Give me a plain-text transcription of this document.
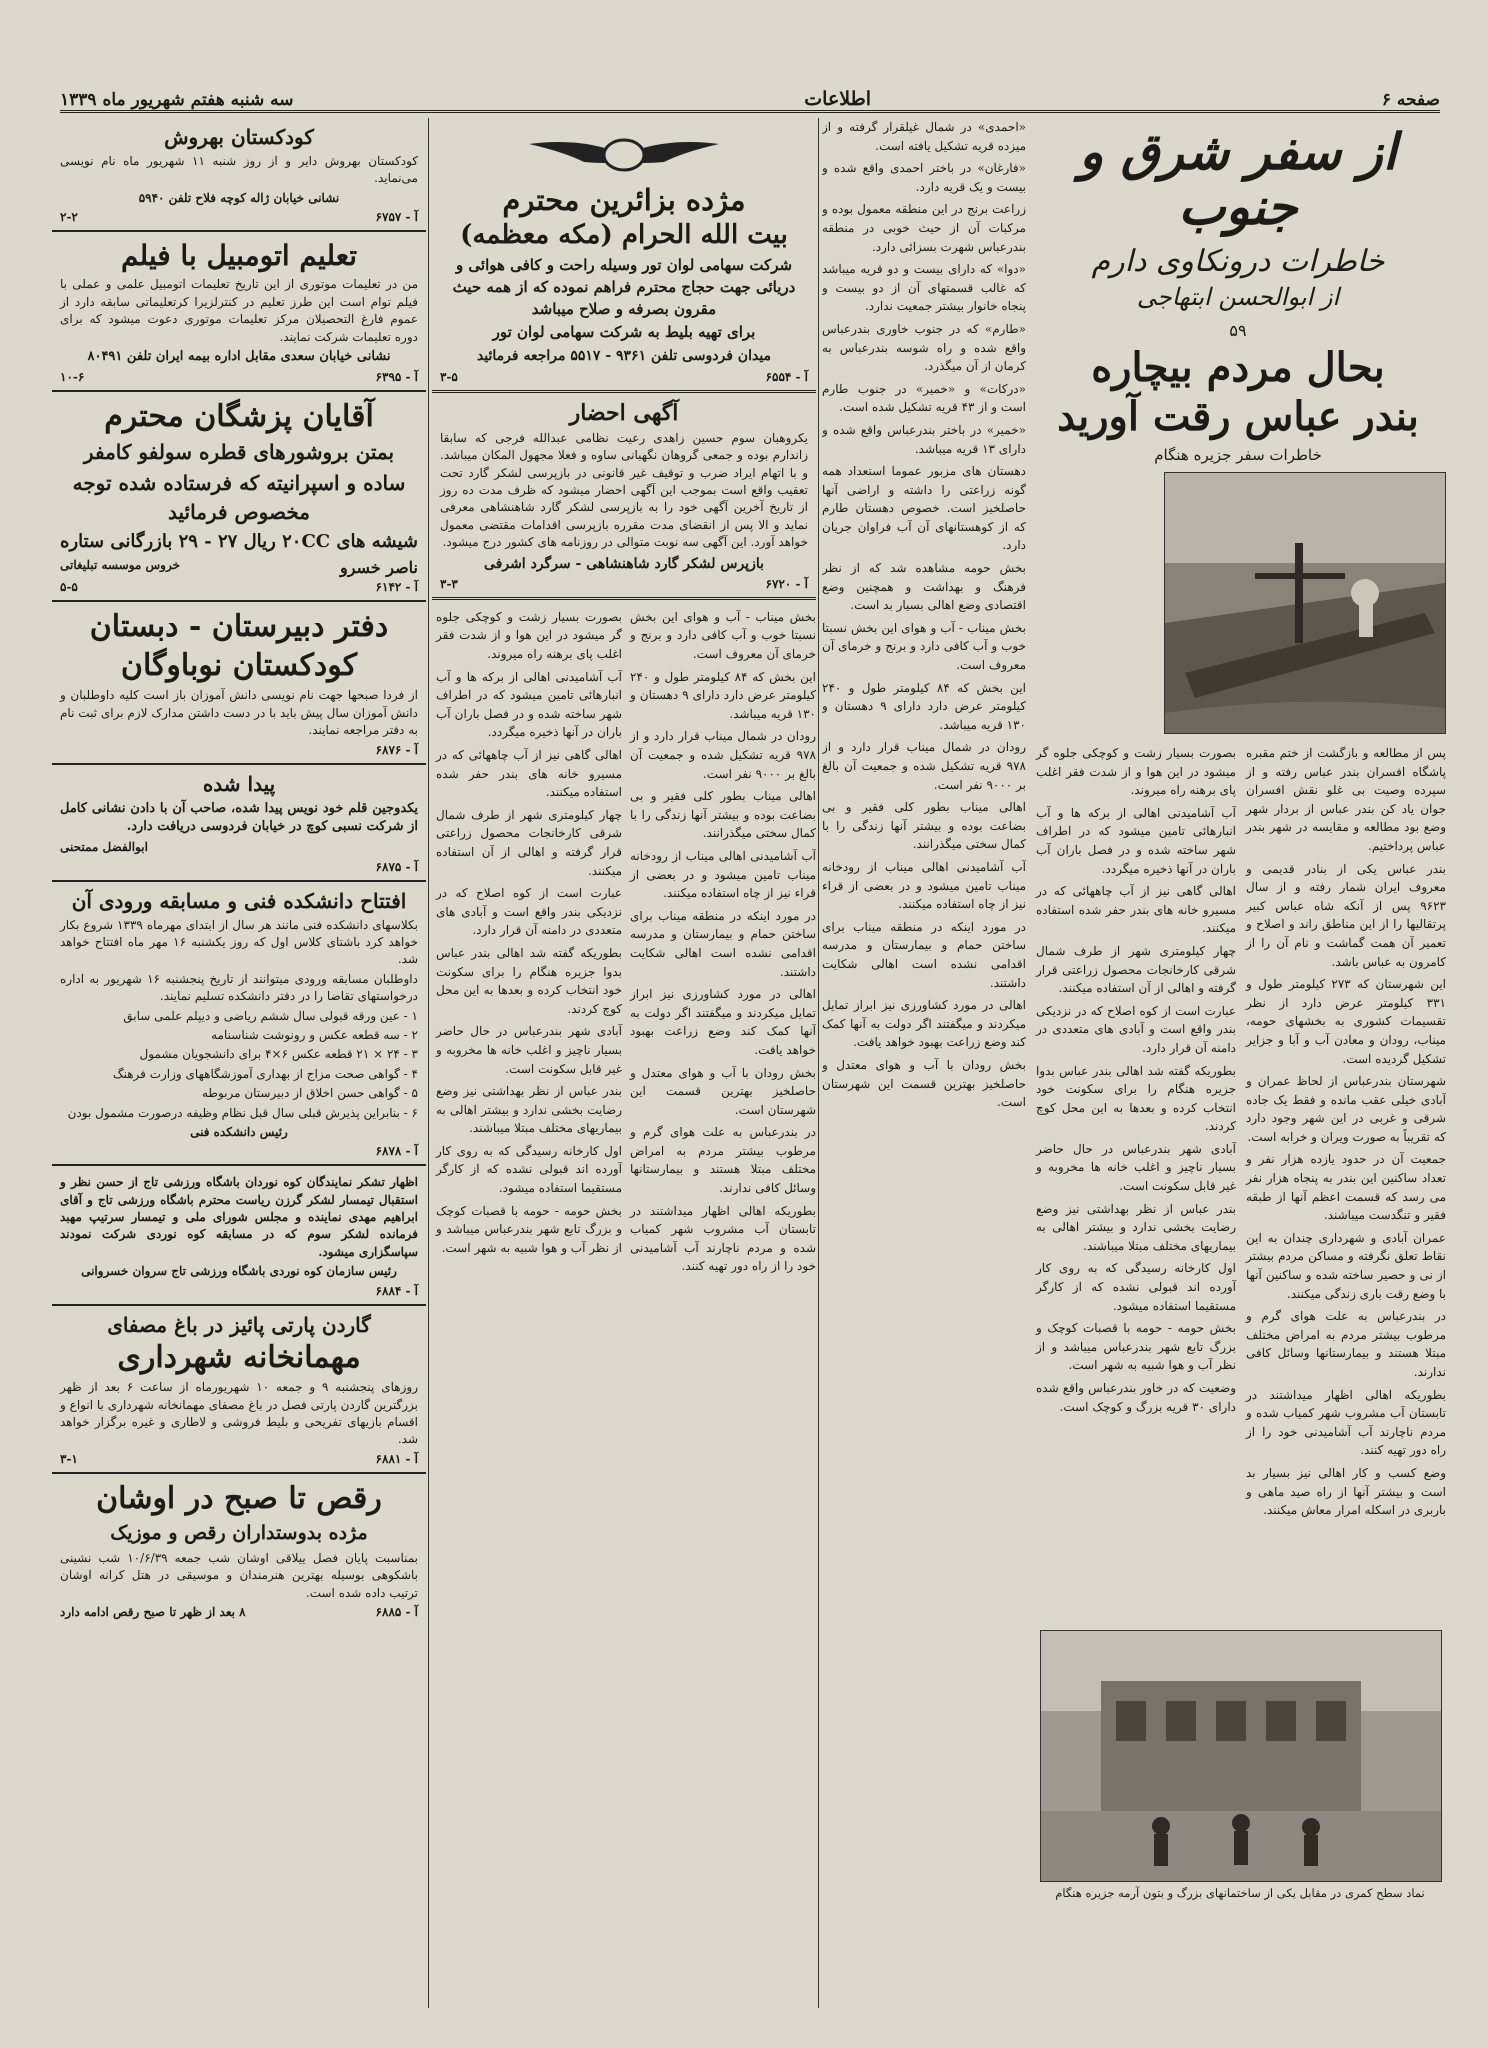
صفحه ۶
اطلاعات
سه شنبه هفتم شهریور ماه ۱۳۳۹
از سفر شرق و جنوب
خاطرات درونکاوی دارم
از ابوالحسن ابتهاجی
۵۹
بحال مردم بیچاره
بندر عباس رقت آورید
خاطرات سفر جزیره هنگام

پس از مطالعه و بازگشت از ختم مقبره پاشگاه افسران بندر عباس رفته و از سپرده وصیت بی غلو نقش افسران جوان یاد کن بندر عباس از بردار شهر وضع بود مطالعه و مقایسه در شهر بندر عباس پرداختیم.

بندر عباس یکی از بنادر قدیمی و معروف ایران شمار رفته و از سال ۹۶۲۳ پس از آنکه شاه عباس کبیر پرتقالیها را از این مناطق راند و اصلاح و تعمیر آن همت گماشت و نام آن را از کامرون به عباس باشد.

این شهرستان که ۲۷۳ کیلومتر طول و ۳۳۱ کیلومتر عرض دارد از نظر تقسیمات کشوری به بخشهای حومه، میناب، رودان و معادن آب و آبا و جزایر تشکیل گردیده است.

شهرستان بندرعباس از لحاظ عمران و آبادی خیلی عقب مانده و فقط یک جاده شرقی و غربی در این شهر وجود دارد که تقریباً به صورت ویران و خرابه است.

جمعیت آن در حدود یازده هزار نفر و تعداد ساکنین این بندر به پنجاه هزار نفر می رسد که قسمت اعظم آنها از طبقه فقیر و تنگدست میباشند.

عمران آبادی و شهرداری چندان به این نقاط تعلق نگرفته و مساکن مردم بیشتر از نی و حصیر ساخته شده و ساکنین آنها با وضع رقت باری زندگی میکنند.

در بندرعباس به علت هوای گرم و مرطوب بیشتر مردم به امراض مختلف مبتلا هستند و بیمارستانها وسائل کافی ندارند.

بطوریکه اهالی اظهار میداشتند در تابستان آب مشروب شهر کمیاب شده و مردم ناچارند آب آشامیدنی خود را از راه دور تهیه کنند.

وضع کسب و کار اهالی نیز بسیار بد است و بیشتر آنها از راه صید ماهی و باربری در اسکله امرار معاش میکنند.

بصورت بسیار زشت و کوچکی جلوه گر میشود در این هوا و از شدت فقر اغلب پای برهنه راه میروند.

آب آشامیدنی اهالی از برکه ها و آب انبارهائی تامین میشود که در اطراف شهر ساخته شده و در فصل باران آب باران در آنها ذخیره میگردد.

اهالی گاهی نیز از آب چاههائی که در مسیرو خانه های بندر حفر شده استفاده میکنند.

چهار کیلومتری شهر از طرف شمال شرقی کارخانجات محصول زراعتی قرار گرفته و اهالی از آن استفاده میکنند.

عبارت است از کوه اصلاح که در نزدیکی بندر واقع است و آبادی های متعددی در دامنه آن قرار دارد.

بطوریکه گفته شد اهالی بندر عباس بدوا جزیره هنگام را برای سکونت خود انتخاب کرده و بعدها به این محل کوچ کردند.

آبادی شهر بندرعباس در حال حاضر بسیار ناچیز و اغلب خانه ها مخروبه و غیر قابل سکونت است.

بندر عباس از نظر بهداشتی نیز وضع رضایت بخشی ندارد و بیشتر اهالی به بیماریهای مختلف مبتلا میباشند.

اول کارخانه رسیدگی که به روی کار آورده اند قبولی نشده که از کارگر مستقیما استفاده میشود.

بخش حومه - حومه با قصبات کوچک و بزرگ تابع شهر بندرعباس میباشد و از نظر آب و هوا شبیه به شهر است.

وضعیت که در خاور بندرعباس واقع شده دارای ۳۰ قریه بزرگ و کوچک است.

نماد سطح کمری در مقابل یکی از ساختمانهای بزرگ و بتون آرمه جزیره هنگام

«احمدی» در شمال غیلقرار گرفته و از میزده قریه تشکیل یافته است.

«فارغان» در باختر احمدی واقع شده و بیست و یک قریه دارد.

زراعت برنج در این منطقه معمول بوده و مرکبات آن از حیث خوبی در منطقه بندرعباس شهرت بسزائی دارد.

«دوا» که دارای بیست و دو قریه میباشد که غالب قسمتهای آن از دو بیست و پنجاه خانوار بیشتر جمعیت ندارد.

«طارم» که در جنوب خاوری بندرعباس واقع شده و راه شوسه بندرعباس به کرمان از آن میگذرد.

«درکات» و «خمیر» در جنوب طارم است و از ۴۳ قریه تشکیل شده است.

«خمیر» در باختر بندرعباس واقع شده و دارای ۱۳ قریه میباشد.

دهستان های مزبور عموما استعداد همه گونه زراعتی را داشته و اراضی آنها حاصلخیز است. خصوص دهستان طارم که از کوهستانهای آن آب فراوان جریان دارد.

بخش حومه مشاهده شد که از نظر فرهنگ و بهداشت و همچنین وضع اقتصادی وضع اهالی بسیار بد است.

بخش میناب - آب و هوای این بخش نسبتا خوب و آب کافی دارد و برنج و خرمای آن معروف است.

این بخش که ۸۴ کیلومتر طول و ۲۴۰ کیلومتر عرض دارد دارای ۹ دهستان و ۱۳۰ قریه میباشد.

رودان در شمال میناب قرار دارد و از ۹۷۸ قریه تشکیل شده و جمعیت آن بالغ بر ۹۰۰۰ نفر است.

اهالی میناب بطور کلی فقیر و بی بضاعت بوده و بیشتر آنها زندگی را با کمال سختی میگذرانند.

آب آشامیدنی اهالی میناب از رودخانه میناب تامین میشود و در بعضی از قراء نیز از چاه استفاده میکنند.

در مورد اینکه در منطقه میناب برای ساختن حمام و بیمارستان و مدرسه اقدامی نشده است اهالی شکایت داشتند.

اهالی در مورد کشاورزی نیز ابراز تمایل میکردند و میگفتند اگر دولت به آنها کمک کند وضع زراعت بهبود خواهد یافت.

بخش رودان با آب و هوای معتدل و حاصلخیز بهترین قسمت این شهرستان است.

مژده بزائرین محترم
بیت الله الحرام (مکه معظمه)

شرکت سهامی لوان تور وسیله راحت و کافی هوائی و دریائی جهت حجاج محترم فراهم نموده که از همه حیث مقرون بصرفه و صلاح میباشد

برای تهیه بلیط به شرکت سهامی لوان تور

میدان فردوسی تلفن ۹۳۶۱ - ۵۵۱۷ مراجعه فرمائید

آ - ۶۵۵۴
۳-۵
آگهی احضار

یکروهبان سوم حسین زاهدی رعیت نظامی عبدالله فرجی که سابقا زاندارم بوده و جمعی گروهان نگهبانی ساوه و فعلا مجهول المکان میباشد. و با اتهام ایراد ضرب و توقیف غیر قانونی در بازپرسی لشکر گارد تحت تعقیب واقع است بموجب این آگهی احضار میشود که ظرف مدت ده روز از تاریخ آخرین آگهی خود را به بازپرسی لشکر گارد شاهنشاهی معرفی نماید و الا پس از انقضای مدت مقرره بازپرسی اقدامات مقتضی معمول خواهد آورد. این آگهی سه نوبت متوالی در روزنامه های کشور درج میشود.

بازپرس لشکر گارد شاهنشاهی - سرگرد اشرفی

آ - ۶۷۲۰
۳-۳

بخش میناب - آب و هوای این بخش نسبتا خوب و آب کافی دارد و برنج و خرمای آن معروف است.

این بخش که ۸۴ کیلومتر طول و ۲۴۰ کیلومتر عرض دارد دارای ۹ دهستان و ۱۳۰ قریه میباشد.

رودان در شمال میناب قرار دارد و از ۹۷۸ قریه تشکیل شده و جمعیت آن بالغ بر ۹۰۰۰ نفر است.

اهالی میناب بطور کلی فقیر و بی بضاعت بوده و بیشتر آنها زندگی را با کمال سختی میگذرانند.

آب آشامیدنی اهالی میناب از رودخانه میناب تامین میشود و در بعضی از قراء نیز از چاه استفاده میکنند.

در مورد اینکه در منطقه میناب برای ساختن حمام و بیمارستان و مدرسه اقدامی نشده است اهالی شکایت داشتند.

اهالی در مورد کشاورزی نیز ابراز تمایل میکردند و میگفتند اگر دولت به آنها کمک کند وضع زراعت بهبود خواهد یافت.

بخش رودان با آب و هوای معتدل و حاصلخیز بهترین قسمت این شهرستان است.

در بندرعباس به علت هوای گرم و مرطوب بیشتر مردم به امراض مختلف مبتلا هستند و بیمارستانها وسائل کافی ندارند.

بطوریکه اهالی اظهار میداشتند در تابستان آب مشروب شهر کمیاب شده و مردم ناچارند آب آشامیدنی خود را از راه دور تهیه کنند.

بصورت بسیار زشت و کوچکی جلوه گر میشود در این هوا و از شدت فقر اغلب پای برهنه راه میروند.

آب آشامیدنی اهالی از برکه ها و آب انبارهائی تامین میشود که در اطراف شهر ساخته شده و در فصل باران آب باران در آنها ذخیره میگردد.

اهالی گاهی نیز از آب چاههائی که در مسیرو خانه های بندر حفر شده استفاده میکنند.

چهار کیلومتری شهر از طرف شمال شرقی کارخانجات محصول زراعتی قرار گرفته و اهالی از آن استفاده میکنند.

عبارت است از کوه اصلاح که در نزدیکی بندر واقع است و آبادی های متعددی در دامنه آن قرار دارد.

بطوریکه گفته شد اهالی بندر عباس بدوا جزیره هنگام را برای سکونت خود انتخاب کرده و بعدها به این محل کوچ کردند.

آبادی شهر بندرعباس در حال حاضر بسیار ناچیز و اغلب خانه ها مخروبه و غیر قابل سکونت است.

بندر عباس از نظر بهداشتی نیز وضع رضایت بخشی ندارد و بیشتر اهالی به بیماریهای مختلف مبتلا میباشند.

اول کارخانه رسیدگی که به روی کار آورده اند قبولی نشده که از کارگر مستقیما استفاده میشود.

بخش حومه - حومه با قصبات کوچک و بزرگ تابع شهر بندرعباس میباشد و از نظر آب و هوا شبیه به شهر است.

کودکستان بهروش

کودکستان بهروش دایر و از روز شنبه ۱۱ شهریور ماه نام نویسی می‌نماید.

نشانی خیابان ژاله کوچه فلاح تلفن ۵۹۴۰

آ - ۶۷۵۷
۲-۲
تعلیم اتومبیل با فیلم

من در تعلیمات موتوری از این تاریخ تعلیمات اتومبیل علمی و عملی با فیلم توام است این طرز تعلیم در کنترلزیرا کرتعلیماتی سابقه دارد از عموم فارغ التحصیلان مرکز تعلیمات موتوری دعوت میشود که برای دوره تعلیمات شرکت نمایند.

نشانی خیابان سعدی مقابل اداره بیمه ایران تلفن ۸۰۴۹۱

آ - ۶۳۹۵
۱۰-۶
آقایان پزشگان محترم

بمتن بروشورهای قطره سولفو کامفر

ساده و اسپرانیته که فرستاده شده توجه مخصوص فرمائید

شیشه های ۲۰CC ریال ۲۷ - ۲۹ بازرگانی ستاره

ناصر خسرو
خروس موسسه تبلیغاتی
آ - ۶۱۴۲
۵-۵
دفتر دبیرستان - دبستان
کودکستان نوباوگان

از فردا صبحها جهت نام نویسی دانش آموزان باز است کلیه داوطلبان و دانش آموزان سال پیش باید با در دست داشتن مدارک لازم برای ثبت نام به دفتر مراجعه نمایند.

آ - ۶۸۷۶
پیدا شده

یکدوجین قلم خود نویس پیدا شده، صاحب آن با دادن نشانی کامل از شرکت نسبی کوچ در خیابان فردوسی دریافت دارد.

ابوالفضل ممتحنی

آ - ۶۸۷۵
افتتاح دانشکده فنی و مسابقه ورودی آن

بکلاسهای دانشکده فنی مانند هر سال از ابتدای مهرماه ۱۳۳۹ شروع بکار خواهد کرد باشتای کلاس اول که روز یکشنبه ۱۶ مهر ماه افتتاح خواهد شد.

داوطلبان مسابقه ورودی میتوانند از تاریخ پنجشنبه ۱۶ شهریور به اداره درخواستهای تقاضا را در دفتر دانشکده تسلیم نمایند.

۱ - عین ورقه قبولی سال ششم ریاضی و دیپلم علمی سابق

۲ - سه قطعه عکس و رونوشت شناسنامه

۳ - ۲۴ × ۲۱ قطعه عکس ۶×۴ برای دانشجویان مشمول

۴ - گواهی صحت مزاج از بهداری آموزشگاههای وزارت فرهنگ

۵ - گواهی حسن اخلاق از دبیرستان مربوطه

۶ - بنابراین پذیرش قبلی سال قبل نظام وظیفه درصورت مشمول بودن

رئیس دانشکده فنی

آ - ۶۸۷۸

اظهار تشکر نمایندگان کوه نوردان باشگاه ورزشی تاج از حسن نظر و استقبال تیمسار لشکر گرزن ریاست محترم باشگاه ورزشی تاج و آقای ابراهیم مهدی نماینده و مجلس شورای ملی و تیمسار سرتیپ مهبد فرمانده لشکر سوم که در مسابقه کوه نوردی شرکت نمودند سپاسگزاری میشود.

رئیس سازمان کوه نوردی باشگاه ورزشی تاج سروان خسروانی

آ - ۶۸۸۴
گاردن پارتی پائیز در باغ مصفای
مهمانخانه شهرداری

روزهای پنجشنبه ۹ و جمعه ۱۰ شهریورماه از ساعت ۶ بعد از ظهر بزرگترین گاردن پارتی فصل در باغ مصفای مهمانخانه شهرداری با انواع و اقسام بازیهای تفریحی و بلیط فروشی و لاطاری و غیره برگزار خواهد شد.

آ - ۶۸۸۱
۳-۱
رقص تا صبح در اوشان

مژده بدوستداران رقص و موزیک

بمناسبت پایان فصل ییلاقی اوشان شب جمعه ۱۰/۶/۳۹ شب نشینی باشکوهی بوسیله بهترین هنرمندان و موسیقی در هتل کرانه اوشان ترتیب داده شده است.

آ - ۶۸۸۵
۸ بعد از ظهر تا صبح رقص ادامه دارد
